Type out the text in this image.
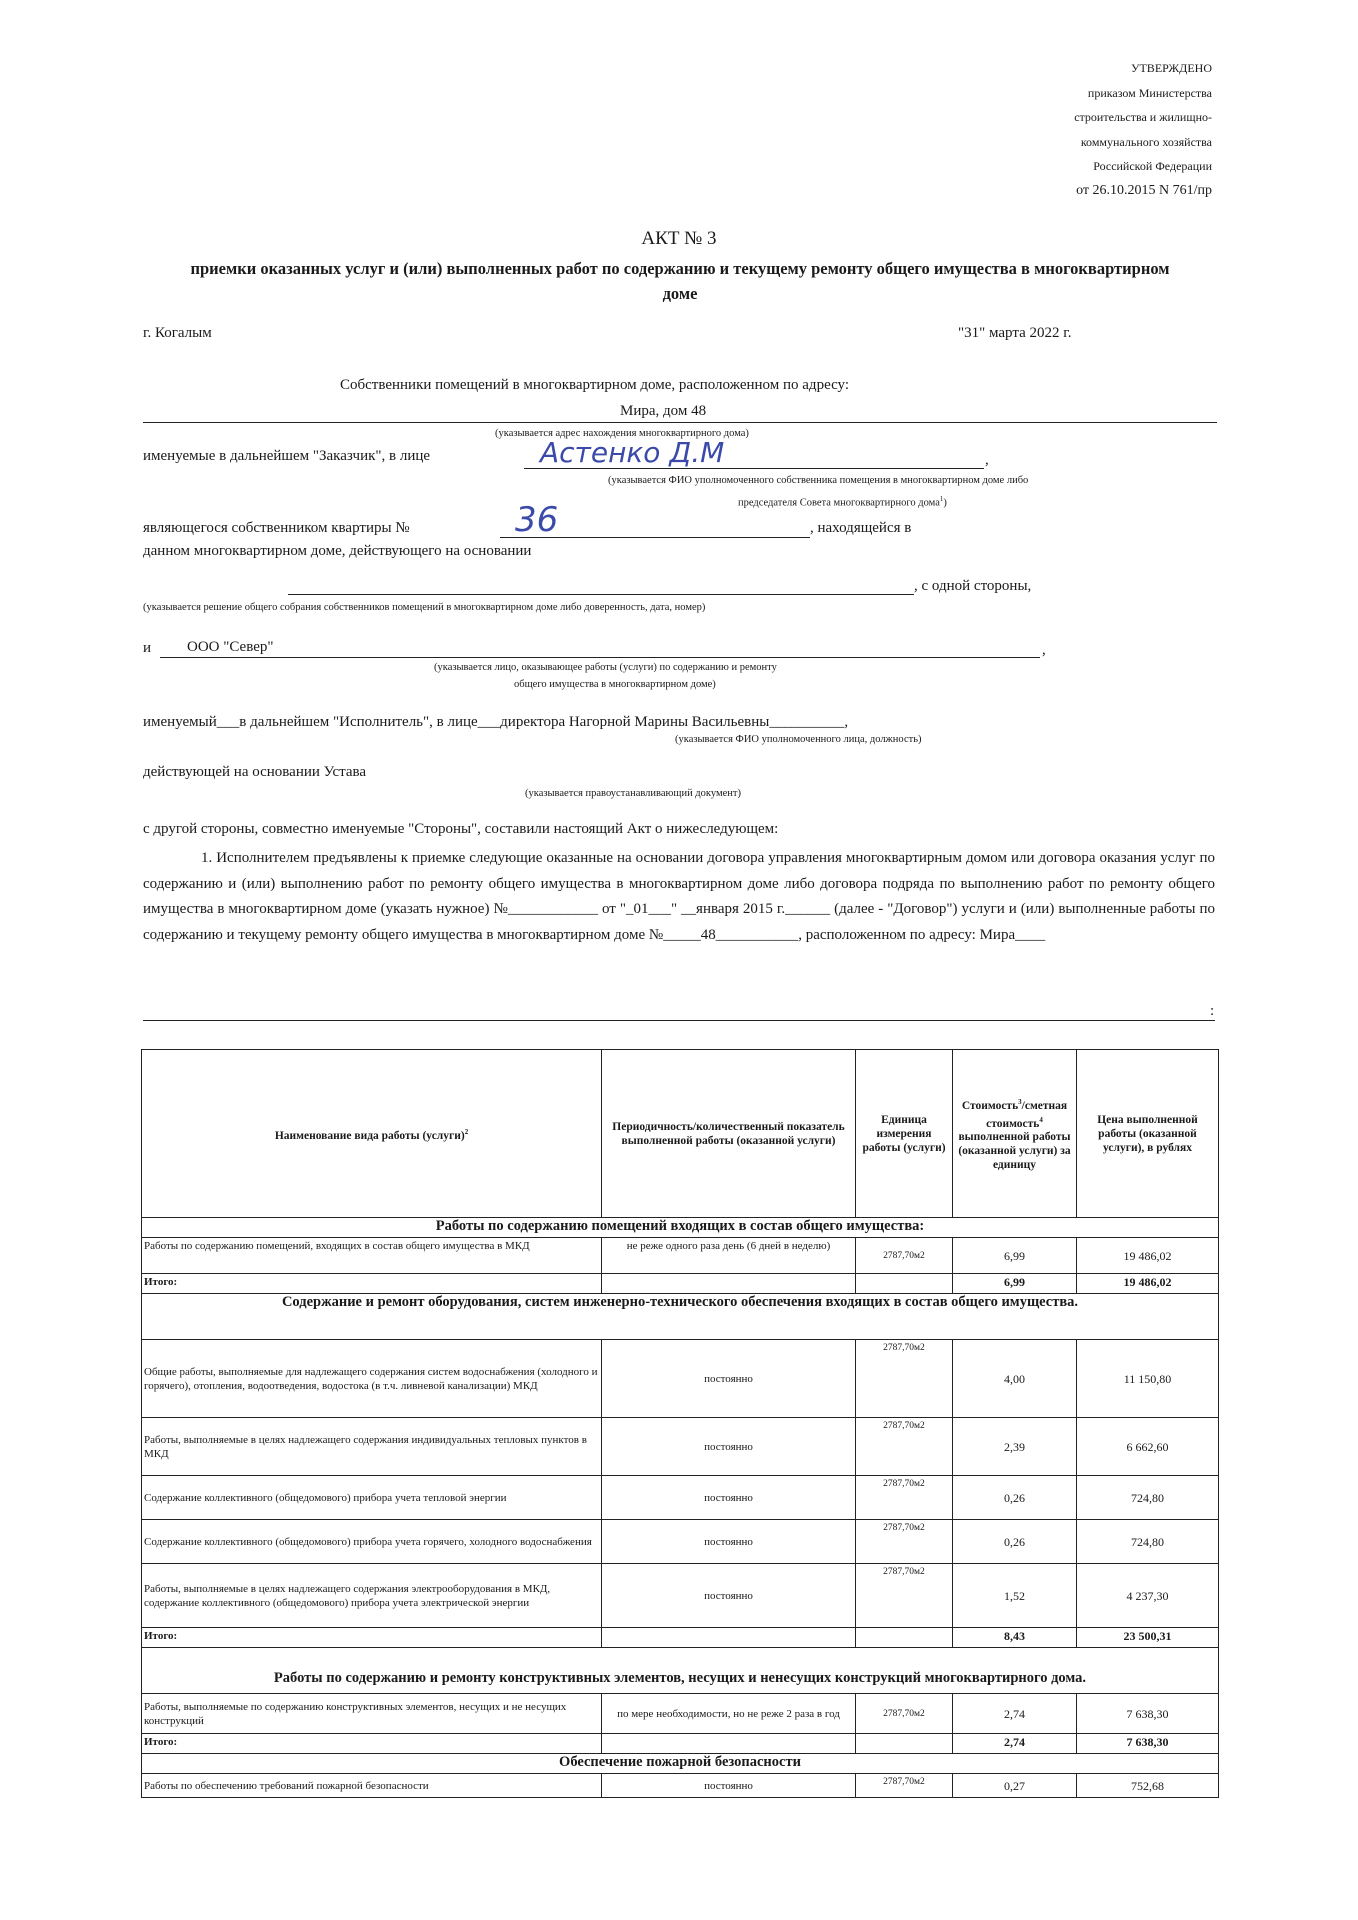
УТВЕРЖДЕНО
приказом Министерства
строительства и жилищно-
коммунального хозяйства
Российской Федерации
от 26.10.2015 N 761/пр
АКТ № 3
приемки оказанных услуг и (или) выполненных работ по содержанию и текущему ремонту общего имущества в многоквартирном доме
г. Когалым	"31" марта 2022 г.
Собственники помещений в многоквартирном доме, расположенном по адресу:
Мира, дом 48
(указывается адрес нахождения многоквартирного дома)
именуемые в дальнейшем "Заказчик", в лице	Астенко Д.М	,
(указывается ФИО уполномоченного собственника помещения в многоквартирном доме либо
председателя Совета многоквартирного дома$^1$)
являющегося собственником квартиры №	36	, находящейся в
данном многоквартирном доме, действующего на основании
, с одной стороны,
(указывается решение общего собрания собственников помещений в многоквартирном доме либо доверенность, дата, номер)
и ООО "Север"	,
(указывается лицо, оказывающее работы (услуги) по содержанию и ремонту
общего имущества в многоквартирном доме)
именуемый___в дальнейшем "Исполнитель", в лице___директора Нагорной Марины Васильевны__________,
(указывается ФИО уполномоченного лица, должность)
действующей на основании Устава
(указывается правоустанавливающий документ)
с другой стороны, совместно именуемые "Стороны", составили настоящий Акт о нижеследующем:

1. Исполнителем предъявлены к приемке следующие оказанные на основании договора управления многоквартирным домом или договора оказания услуг по содержанию и (или) выполнению работ по ремонту общего имущества в многоквартирном доме либо договора подряда по выполнению работ по ремонту общего имущества в многоквартирном доме (указать нужное) №____________ от "_01___" __января 2015 г.______ (далее - "Договор") услуги и (или) выполненные работы по содержанию и текущему ремонту общего имущества в многоквартирном доме №_____48___________, расположенном по адресу: Мира____

:
Наименование вида работы (услуги)$^2$	Периодичность/количественный показатель выполненной работы (оказанной услуги)	Единица измерения работы (услуги)	Стоимость$^3$/сметная стоимость$^4$ выполненной работы (оказанной услуги) за единицу	Цена выполненной работы (оказанной услуги), в рублях
Работы по содержанию помещений входящих в состав общего имущества:				
Работы по содержанию помещений, входящих в состав общего имущества в МКД	не реже одного раза день (6 дней в неделю)	2787,70м2	6,99	19 486,02
Итого:			6,99	19 486,02
Содержание и ремонт оборудования, систем инженерно-технического обеспечения входящих в состав общего имущества.				
Общие работы, выполняемые для надлежащего содержания систем водоснабжения (холодного и горячего), отопления, водоотведения, водостока (в т.ч. ливневой канализации) МКД	постоянно	2787,70м2	4,00	11 150,80
Работы, выполняемые в целях надлежащего содержания индивидуальных тепловых пунктов в МКД	постоянно	2787,70м2	2,39	6 662,60
Содержание коллективного (общедомового) прибора учета тепловой энергии	постоянно	2787,70м2	0,26	724,80
Содержание коллективного (общедомового) прибора учета горячего, холодного водоснабжения	постоянно	2787,70м2	0,26	724,80
Работы, выполняемые в целях надлежащего содержания электрооборудования в МКД, содержание коллективного (общедомового) прибора учета электрической энергии	постоянно	2787,70м2	1,52	4 237,30
Итого:			8,43	23 500,31
Работы по содержанию и ремонту конструктивных элементов, несущих и ненесущих конструкций многоквартирного дома.				
Работы, выполняемые по содержанию конструктивных элементов, несущих и не несущих конструкций	по мере необходимости, но не реже 2 раза в год	2787,70м2	2,74	7 638,30
Итого:			2,74	7 638,30
Обеспечение пожарной безопасности				
Работы по обеспечению требований пожарной безопасности	постоянно	2787,70м2	0,27	752,68
